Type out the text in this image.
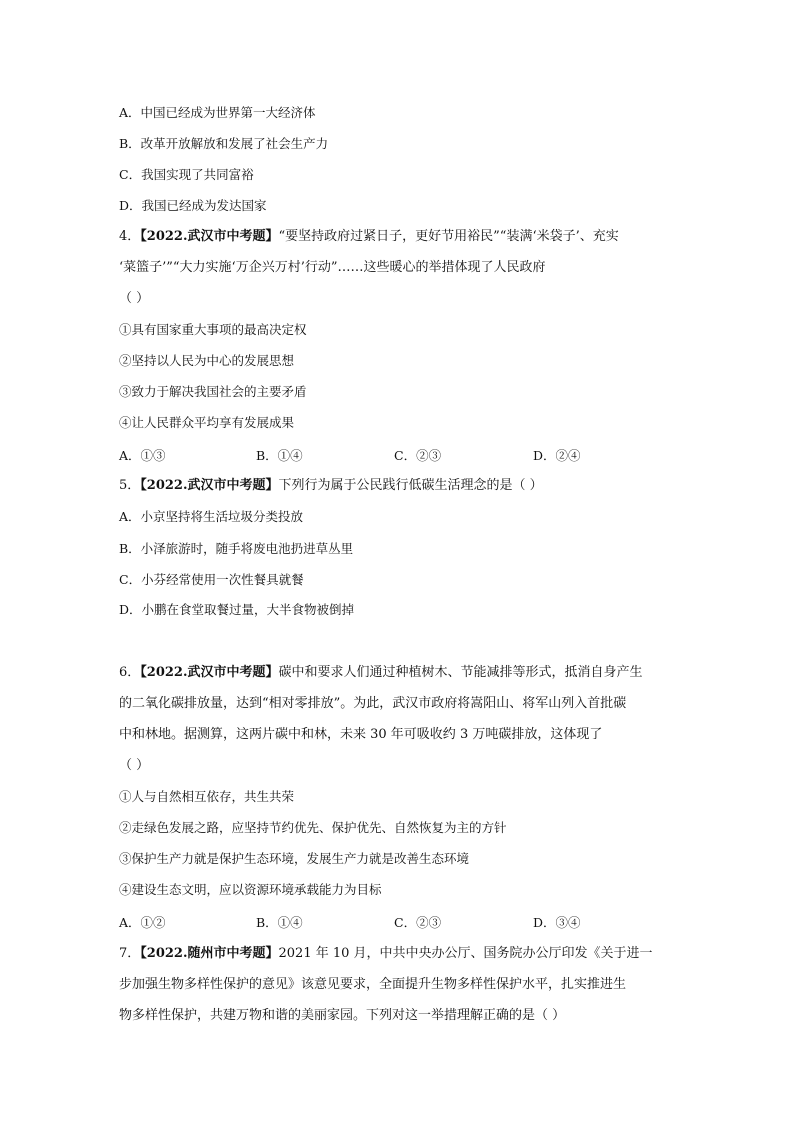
A．中国已经成为世界第一大经济体
B．改革开放解放和发展了社会生产力
C．我国实现了共同富裕
D．我国已经成为发达国家
4．【2022.武汉市中考题】“要坚持政府过紧日子，更好节用裕民”“装满‘米袋子’、充实
‘菜篮子’”“大力实施‘万企兴万村’行动”……这些暖心的举措体现了人民政府
（ ）
①具有国家重大事项的最高决定权
②坚持以人民为中心的发展思想
③致力于解决我国社会的主要矛盾
④让人民群众平均享有发展成果
A．①③	B．①④	C．②③	D．②④
5．【2022.武汉市中考题】下列行为属于公民践行低碳生活理念的是（ ）
A．小京坚持将生活垃圾分类投放
B．小泽旅游时，随手将废电池扔进草丛里
C．小芬经常使用一次性餐具就餐
D．小鹏在食堂取餐过量，大半食物被倒掉
6．【2022.武汉市中考题】碳中和要求人们通过种植树木、节能减排等形式，抵消自身产生
的二氧化碳排放量，达到“相对零排放”。为此，武汉市政府将嵩阳山、将军山列入首批碳
中和林地。据测算，这两片碳中和林，未来 30 年可吸收约 3 万吨碳排放，这体现了
（ ）
①人与自然相互依存，共生共荣
②走绿色发展之路，应坚持节约优先、保护优先、自然恢复为主的方针
③保护生产力就是保护生态环境，发展生产力就是改善生态环境
④建设生态文明，应以资源环境承载能力为目标
A．①②	B．①④	C．②③	D．③④
7．【2022.随州市中考题】2021 年 10 月，中共中央办公厅、国务院办公厅印发《关于进一
步加强生物多样性保护的意见》该意见要求，全面提升生物多样性保护水平，扎实推进生
物多样性保护，共建万物和谐的美丽家园。下列对这一举措理解正确的是（ ）
